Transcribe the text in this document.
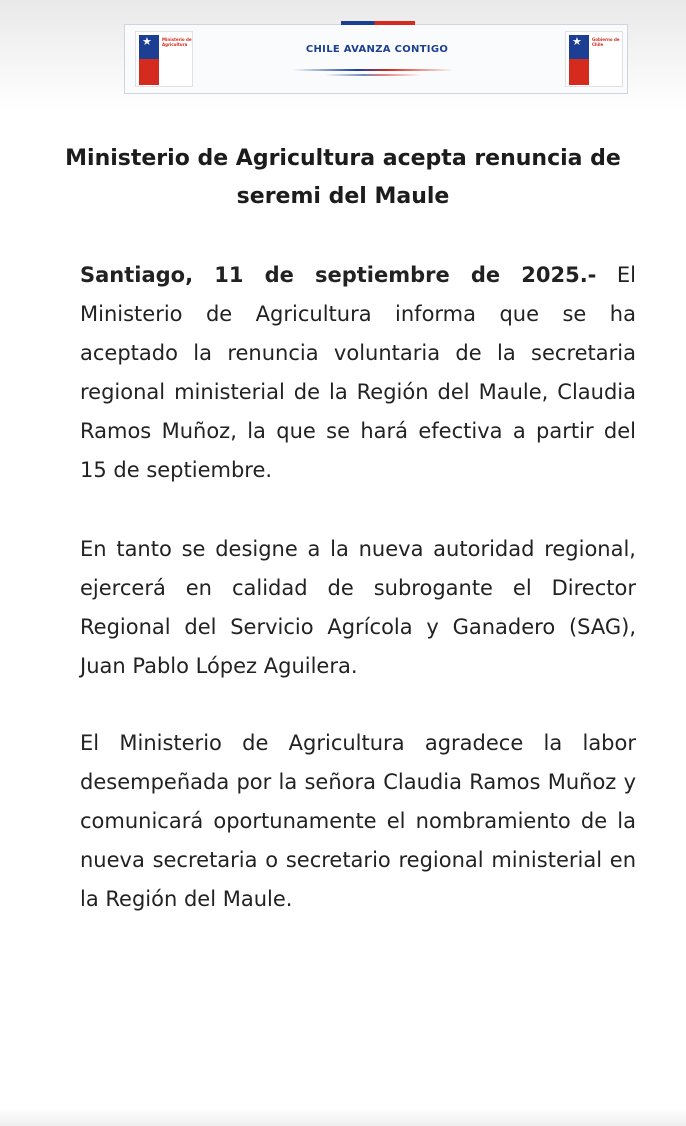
★	Ministerio de Agricultura	CHILE AVANZA CONTIGO
★	Gobierno de Chile
Ministerio de Agricultura acepta renuncia de
seremi del Maule

Santiago, 11 de septiembre de 2025.- El Ministerio de Agricultura informa que se ha aceptado la renuncia voluntaria de la secretaria regional ministerial de la Región del Maule, Claudia Ramos Muñoz, la que se hará efectiva a partir del 15 de septiembre.

En tanto se designe a la nueva autoridad regional, ejercerá en calidad de subrogante el Director Regional del Servicio Agrícola y Ganadero (SAG), Juan Pablo López Aguilera.

El Ministerio de Agricultura agradece la labor desempeñada por la señora Claudia Ramos Muñoz y comunicará oportunamente el nombramiento de la nueva secretaria o secretario regional ministerial en la Región del Maule.
